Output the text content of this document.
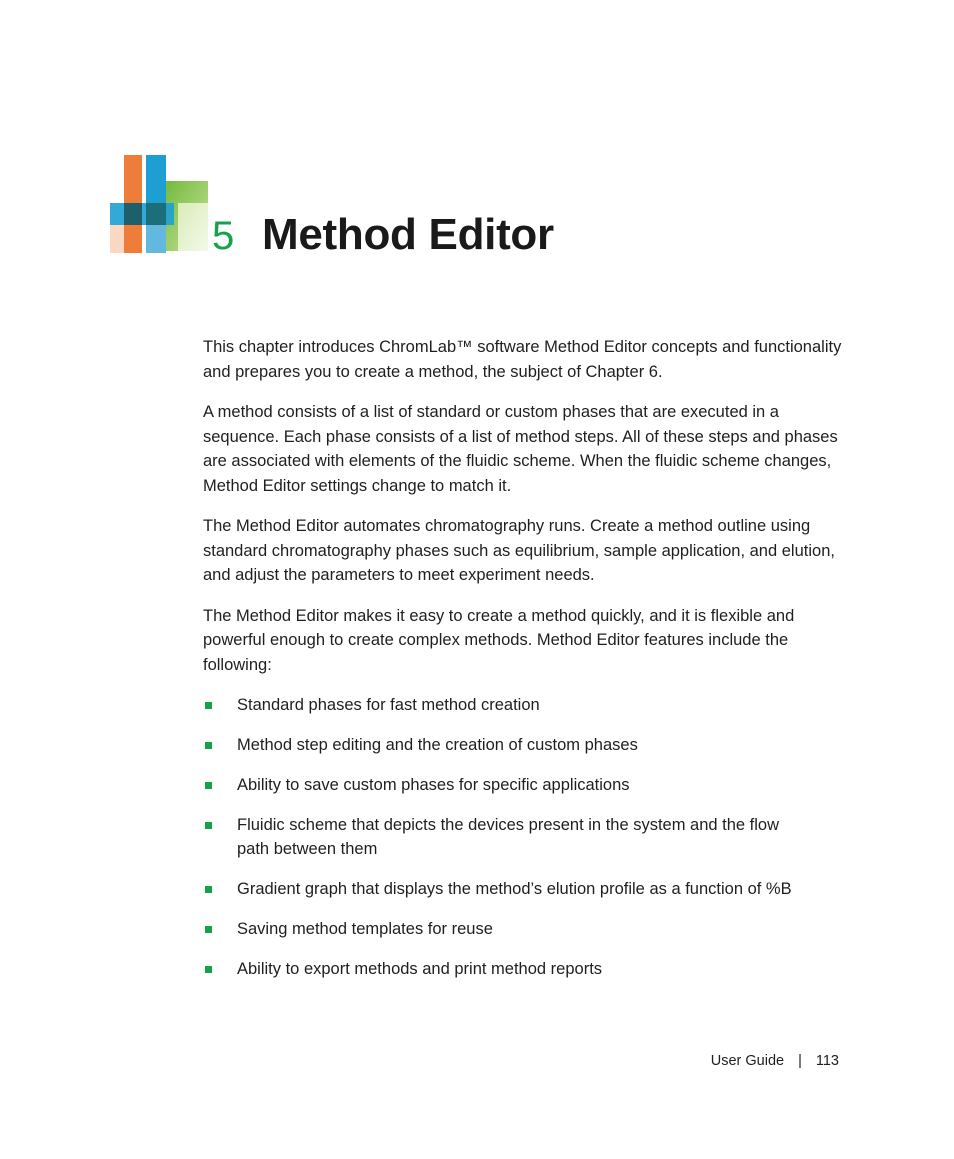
5 Method Editor

This chapter introduces ChromLab™ software Method Editor concepts and functionality and prepares you to create a method, the subject of Chapter 6.

A method consists of a list of standard or custom phases that are executed in a sequence. Each phase consists of a list of method steps. All of these steps and phases are associated with elements of the fluidic scheme. When the fluidic scheme changes, Method Editor settings change to match it.

The Method Editor automates chromatography runs. Create a method outline using standard chromatography phases such as equilibrium, sample application, and elution, and adjust the parameters to meet experiment needs.

The Method Editor makes it easy to create a method quickly, and it is flexible and powerful enough to create complex methods. Method Editor features include the following:

Standard phases for fast method creation
Method step editing and the creation of custom phases
Ability to save custom phases for specific applications
Fluidic scheme that depicts the devices present in the system and the flow path between them
Gradient graph that displays the method’s elution profile as a function of %B
Saving method templates for reuse
Ability to export methods and print method reports
User Guide | 113
